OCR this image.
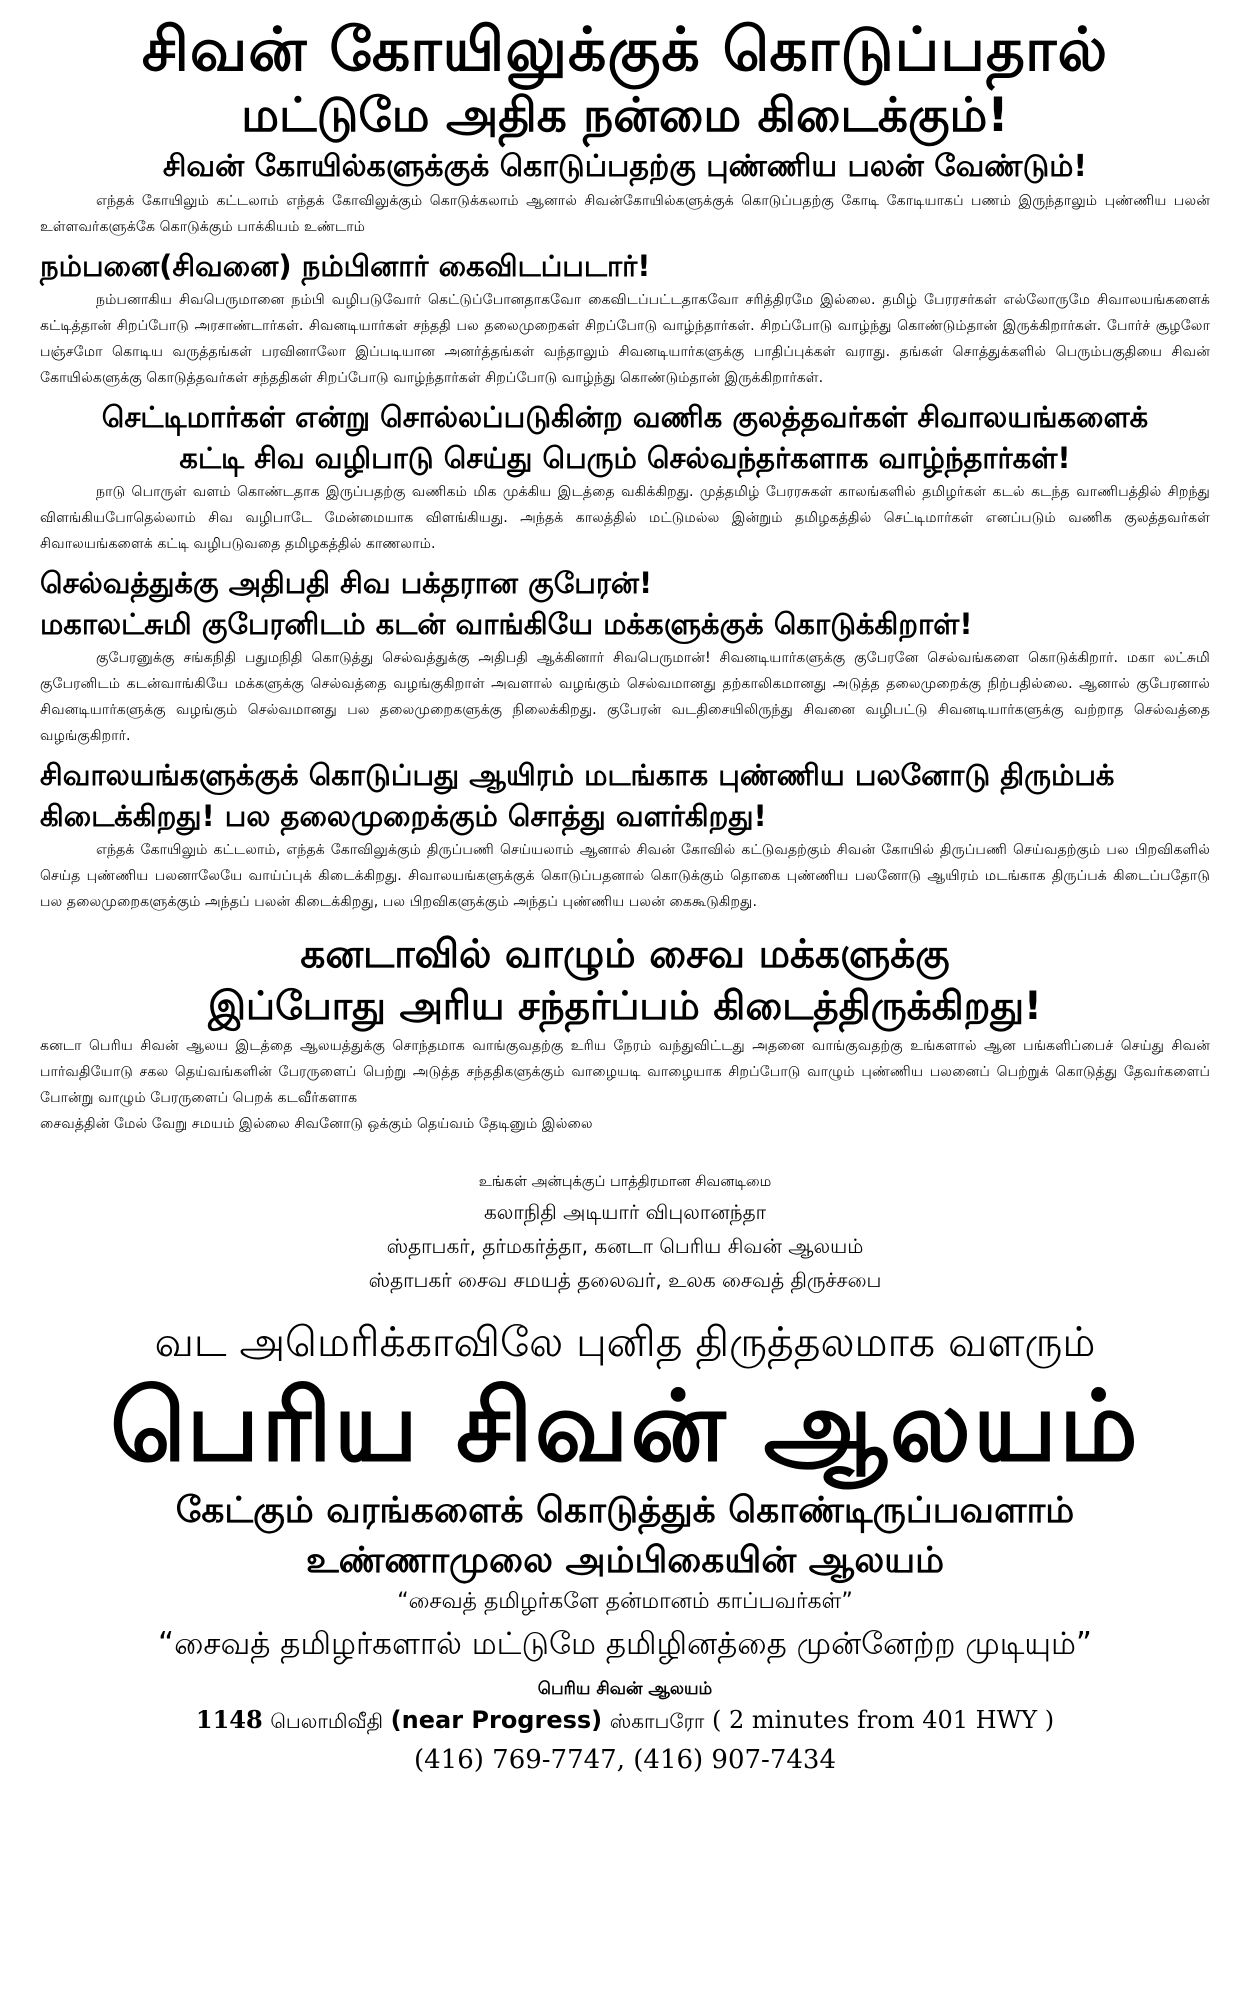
சிவன் கோயிலுக்குக் கொடுப்பதால்
மட்டுமே அதிக நன்மை கிடைக்கும்!
சிவன் கோயில்களுக்குக் கொடுப்பதற்கு புண்ணிய பலன் வேண்டும்!
எந்தக் கோயிலும் கட்டலாம் எந்தக் கோவிலுக்கும் கொடுக்கலாம் ஆனால் சிவன்கோயில்களுக்குக் கொடுப்பதற்கு கோடி கோடியாகப் பணம் இருந்தாலும் புண்ணிய பலன் உள்ளவர்களுக்கே கொடுக்கும் பாக்கியம் உண்டாம்
நம்பனை(சிவனை) நம்பினார் கைவிடப்படார்!
நம்பனாகிய சிவபெருமானை நம்பி வழிபடுவோர் கெட்டுப்போனதாகவோ கைவிடப்பட்டதாகவோ சரித்திரமே இல்லை. தமிழ் பேரரசர்கள் எல்லோருமே சிவாலயங்களைக் கட்டித்தான் சிறப்போடு அரசாண்டார்கள். சிவனடியார்கள் சந்ததி பல தலைமுறைகள் சிறப்போடு வாழ்ந்தார்கள். சிறப்போடு வாழ்ந்து கொண்டும்தான் இருக்கிறார்கள். போர்ச் சூழலோ பஞ்சமோ கொடிய வருத்தங்கள் பரவினாலோ இப்படியான அனர்த்தங்கள் வந்தாலும் சிவனடியார்களுக்கு பாதிப்புக்கள் வராது. தங்கள் சொத்துக்களில் பெரும்பகுதியை சிவன் கோயில்களுக்கு கொடுத்தவர்கள் சந்ததிகள் சிறப்போடு வாழ்ந்தார்கள் சிறப்போடு வாழ்ந்து கொண்டும்தான் இருக்கிறார்கள்.
செட்டிமார்கள் என்று சொல்லப்படுகின்ற வணிக குலத்தவர்கள் சிவாலயங்களைக்
கட்டி சிவ வழிபாடு செய்து பெரும் செல்வந்தர்களாக வாழ்ந்தார்கள்!
நாடு பொருள் வளம் கொண்டதாக இருப்பதற்கு வணிகம் மிக முக்கிய இடத்தை வகிக்கிறது. முத்தமிழ் பேரரசுகள் காலங்களில் தமிழர்கள் கடல் கடந்த வாணிபத்தில் சிறந்து விளங்கியபோதெல்லாம் சிவ வழிபாடே மேன்மையாக விளங்கியது. அந்தக் காலத்தில் மட்டுமல்ல இன்றும் தமிழகத்தில் செட்டிமார்கள் எனப்படும் வணிக குலத்தவர்கள் சிவாலயங்களைக் கட்டி வழிபடுவதை தமிழகத்தில் காணலாம்.
செல்வத்துக்கு அதிபதி சிவ பக்தரான குபேரன்!
மகாலட்சுமி குபேரனிடம் கடன் வாங்கியே மக்களுக்குக் கொடுக்கிறாள்!
குபேரனுக்கு சங்கநிதி பதுமநிதி கொடுத்து செல்வத்துக்கு அதிபதி ஆக்கினார் சிவபெருமான்! சிவனடியார்களுக்கு குபேரனே செல்வங்களை கொடுக்கிறார். மகா லட்சுமி குபேரனிடம் கடன்வாங்கியே மக்களுக்கு செல்வத்தை வழங்குகிறாள் அவளால் வழங்கும் செல்வமானது தற்காலிகமானது அடுத்த தலைமுறைக்கு நிற்பதில்லை. ஆனால் குபேரனால் சிவனடியார்களுக்கு வழங்கும் செல்வமானது பல தலைமுறைகளுக்கு நிலைக்கிறது. குபேரன் வடதிசையிலிருந்து சிவனை வழிபட்டு சிவனடியார்களுக்கு வற்றாத செல்வத்தை வழங்குகிறார்.
சிவாலயங்களுக்குக் கொடுப்பது ஆயிரம் மடங்காக புண்ணிய பலனோடு திரும்பக்
கிடைக்கிறது! பல தலைமுறைக்கும் சொத்து வளர்கிறது!
எந்தக் கோயிலும் கட்டலாம், எந்தக் கோவிலுக்கும் திருப்பணி செய்யலாம் ஆனால் சிவன் கோவில் கட்டுவதற்கும் சிவன் கோயில் திருப்பணி செய்வதற்கும் பல பிறவிகளில் செய்த புண்ணிய பலனாலேயே வாய்ப்புக் கிடைக்கிறது. சிவாலயங்களுக்குக் கொடுப்பதனால் கொடுக்கும் தொகை புண்ணிய பலனோடு ஆயிரம் மடங்காக திருப்பக் கிடைப்பதோடு பல தலைமுறைகளுக்கும் அந்தப் பலன் கிடைக்கிறது, பல பிறவிகளுக்கும் அந்தப் புண்ணிய பலன் கைகூடுகிறது.
கனடாவில் வாழும் சைவ மக்களுக்கு
இப்போது அரிய சந்தர்ப்பம் கிடைத்திருக்கிறது!
கனடா பெரிய சிவன் ஆலய இடத்தை ஆலயத்துக்கு சொந்தமாக வாங்குவதற்கு உரிய நேரம் வந்துவிட்டது அதனை வாங்குவதற்கு உங்களால் ஆன பங்களிப்பைச் செய்து சிவன் பார்வதியோடு சகல தெய்வங்களின் பேரருளைப் பெற்று அடுத்த சந்ததிகளுக்கும் வாழையடி வாழையாக சிறப்போடு வாழும் புண்ணிய பலனைப் பெற்றுக் கொடுத்து தேவர்களைப் போன்று வாழும் பேரருளைப் பெறக் கடவீர்களாக
சைவத்தின் மேல் வேறு சமயம் இல்லை சிவனோடு ஒக்கும் தெய்வம் தேடினும் இல்லை
உங்கள் அன்புக்குப் பாத்திரமான சிவனடிமை
கலாநிதி அடியார் விபுலானந்தா
ஸ்தாபகர், தர்மகர்த்தா, கனடா பெரிய சிவன் ஆலயம்
ஸ்தாபகர் சைவ சமயத் தலைவர், உலக சைவத் திருச்சபை
வட அமெரிக்காவிலே புனித திருத்தலமாக வளரும்
பெரிய சிவன் ஆலயம்
கேட்கும் வரங்களைக் கொடுத்துக் கொண்டிருப்பவளாம்
உண்ணாமுலை அம்பிகையின் ஆலயம்
“சைவத் தமிழர்களே தன்மானம் காப்பவர்கள்”
“சைவத் தமிழர்களால் மட்டுமே தமிழினத்தை முன்னேற்ற முடியும்”
பெரிய சிவன் ஆலயம்
1148 பெலாமிவீதி (near Progress) ஸ்காபரோ ( 2 minutes from 401 HWY )
(416) 769-7747, (416) 907-7434
